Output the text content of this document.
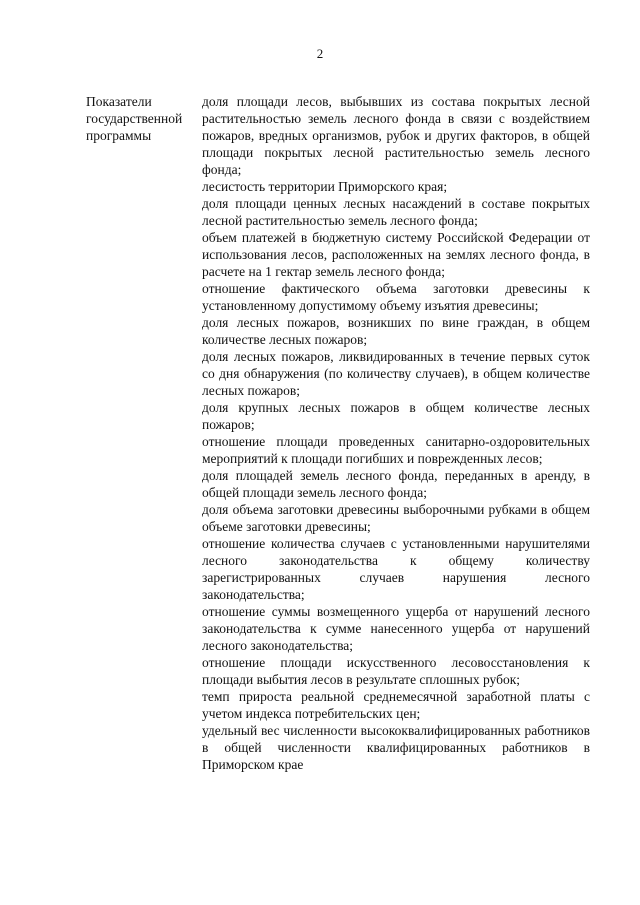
2
Показатели
государственной
программы

доля площади лесов, выбывших из состава покрытых лесной растительностью земель лесного фонда в связи с воздействием пожаров, вредных организмов, рубок и других факторов, в общей площади покрытых лесной растительностью земель лесного фонда;

лесистость территории Приморского края;

доля площади ценных лесных насаждений в составе покрытых лесной растительностью земель лесного фонда;

объем платежей в бюджетную систему Российской Федерации от использования лесов, расположенных на землях лесного фонда, в расчете на 1 гектар земель лесного фонда;

отношение фактического объема заготовки древесины к установленному допустимому объему изъятия древесины;

доля лесных пожаров, возникших по вине граждан, в общем количестве лесных пожаров;

доля лесных пожаров, ликвидированных в течение первых суток со дня обнаружения (по количеству случаев), в общем количестве лесных пожаров;

доля крупных лесных пожаров в общем количестве лесных пожаров;

отношение площади проведенных санитарно-оздоровительных мероприятий к площади погибших и поврежденных лесов;

доля площадей земель лесного фонда, переданных в аренду, в общей площади земель лесного фонда;

доля объема заготовки древесины выборочными рубками в общем объеме заготовки древесины;

отношение количества случаев с установленными нарушителями лесного законодательства к общему количеству зарегистрированных случаев нарушения лесного законодательства;

отношение суммы возмещенного ущерба от нарушений лесного законодательства к сумме нанесенного ущерба от нарушений лесного законодательства;

отношение площади искусственного лесовосстановления к площади выбытия лесов в результате сплошных рубок;

темп прироста реальной среднемесячной заработной платы с учетом индекса потребительских цен;

удельный вес численности высококвалифицированных работников в общей численности квалифицированных работников в Приморском крае
